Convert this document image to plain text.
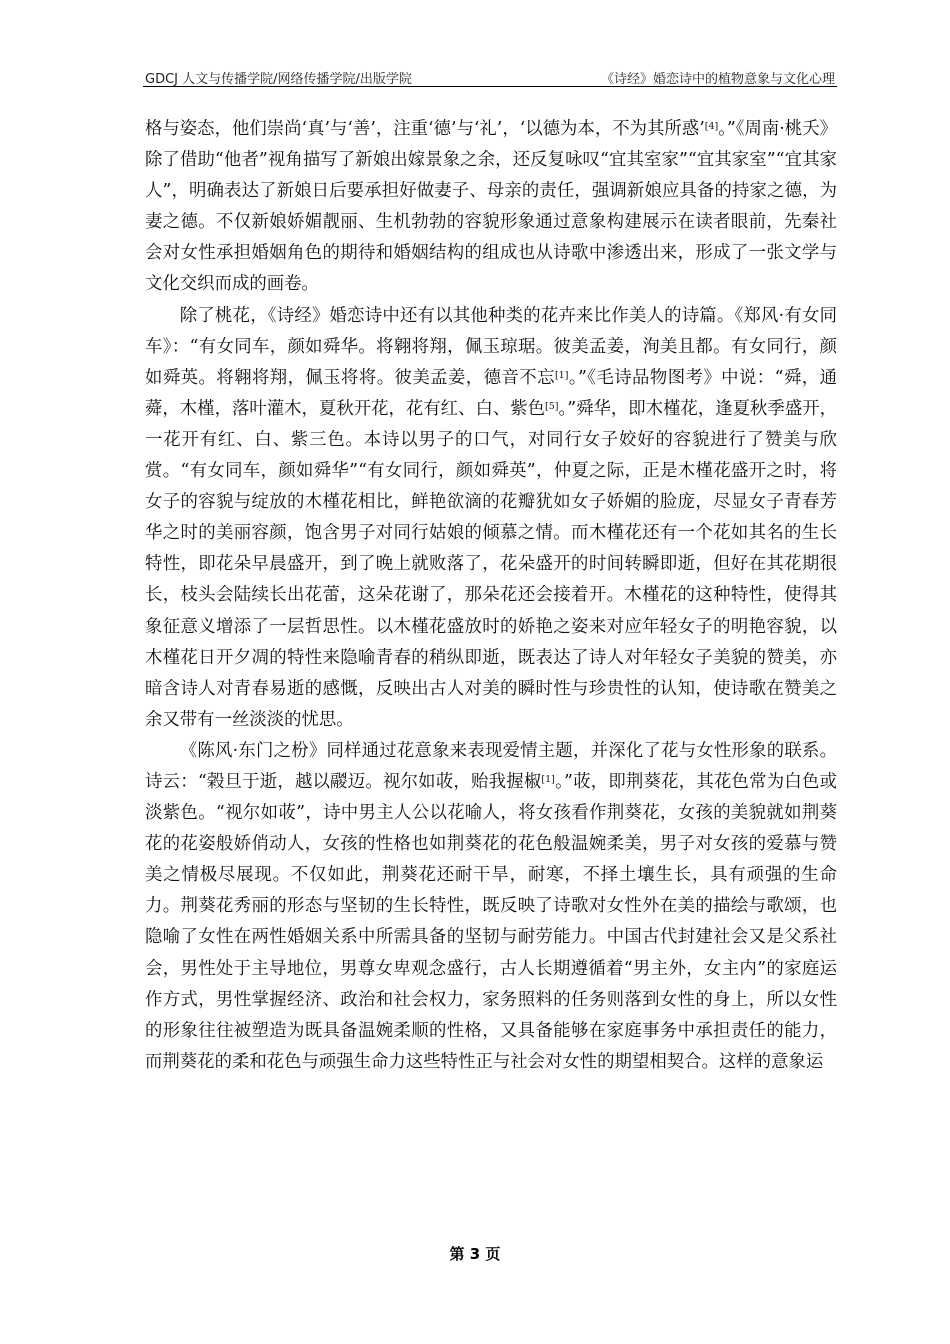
GDCJ 人文与传播学院/网络传播学院/出版学院	《诗经》婚恋诗中的植物意象与文化心理

格与姿态，他们崇尚‘真’与‘善’，注重‘德’与‘礼’，‘以德为本，不为其所惑’[4]。”《周南·桃夭》除了借助“他者”视角描写了新娘出嫁景象之余，还反复咏叹“宜其室家”“宜其家室”“宜其家人”，明确表达了新娘日后要承担好做妻子、母亲的责任，强调新娘应具备的持家之德，为妻之德。不仅新娘娇媚靓丽、生机勃勃的容貌形象通过意象构建展示在读者眼前，先秦社会对女性承担婚姻角色的期待和婚姻结构的组成也从诗歌中渗透出来，形成了一张文学与文化交织而成的画卷。

除了桃花，《诗经》婚恋诗中还有以其他种类的花卉来比作美人的诗篇。《郑风·有女同车》：“有女同车，颜如舜华。将翱将翔，佩玉琼琚。彼美孟姜，洵美且都。有女同行，颜如舜英。将翱将翔，佩玉将将。彼美孟姜，德音不忘[1]。”《毛诗品物图考》中说：“舜，通蕣，木槿，落叶灌木，夏秋开花，花有红、白、紫色[5]。”舜华，即木槿花，逢夏秋季盛开，一花开有红、白、紫三色。本诗以男子的口气，对同行女子姣好的容貌进行了赞美与欣赏。“有女同车，颜如舜华”“有女同行，颜如舜英”，仲夏之际，正是木槿花盛开之时，将女子的容貌与绽放的木槿花相比，鲜艳欲滴的花瓣犹如女子娇媚的脸庞，尽显女子青春芳华之时的美丽容颜，饱含男子对同行姑娘的倾慕之情。而木槿花还有一个花如其名的生长特性，即花朵早晨盛开，到了晚上就败落了，花朵盛开的时间转瞬即逝，但好在其花期很长，枝头会陆续长出花蕾，这朵花谢了，那朵花还会接着开。木槿花的这种特性，使得其象征意义增添了一层哲思性。以木槿花盛放时的娇艳之姿来对应年轻女子的明艳容貌，以木槿花日开夕凋的特性来隐喻青春的稍纵即逝，既表达了诗人对年轻女子美貌的赞美，亦暗含诗人对青春易逝的感慨，反映出古人对美的瞬时性与珍贵性的认知，使诗歌在赞美之余又带有一丝淡淡的忧思。

《陈风·东门之枌》同样通过花意象来表现爱情主题，并深化了花与女性形象的联系。诗云：“榖旦于逝，越以鬷迈。视尔如荍，贻我握椒[1]。”荍，即荆葵花，其花色常为白色或淡紫色。“视尔如荍”，诗中男主人公以花喻人，将女孩看作荆葵花，女孩的美貌就如荆葵花的花姿般娇俏动人，女孩的性格也如荆葵花的花色般温婉柔美，男子对女孩的爱慕与赞美之情极尽展现。不仅如此，荆葵花还耐干旱，耐寒，不择土壤生长，具有顽强的生命力。荆葵花秀丽的形态与坚韧的生长特性，既反映了诗歌对女性外在美的描绘与歌颂，也隐喻了女性在两性婚姻关系中所需具备的坚韧与耐劳能力。中国古代封建社会又是父系社会，男性处于主导地位，男尊女卑观念盛行，古人长期遵循着“男主外，女主内”的家庭运作方式，男性掌握经济、政治和社会权力，家务照料的任务则落到女性的身上，所以女性的形象往往被塑造为既具备温婉柔顺的性格，又具备能够在家庭事务中承担责任的能力，而荆葵花的柔和花色与顽强生命力这些特性正与社会对女性的期望相契合。这样的意象运

第 3 页
